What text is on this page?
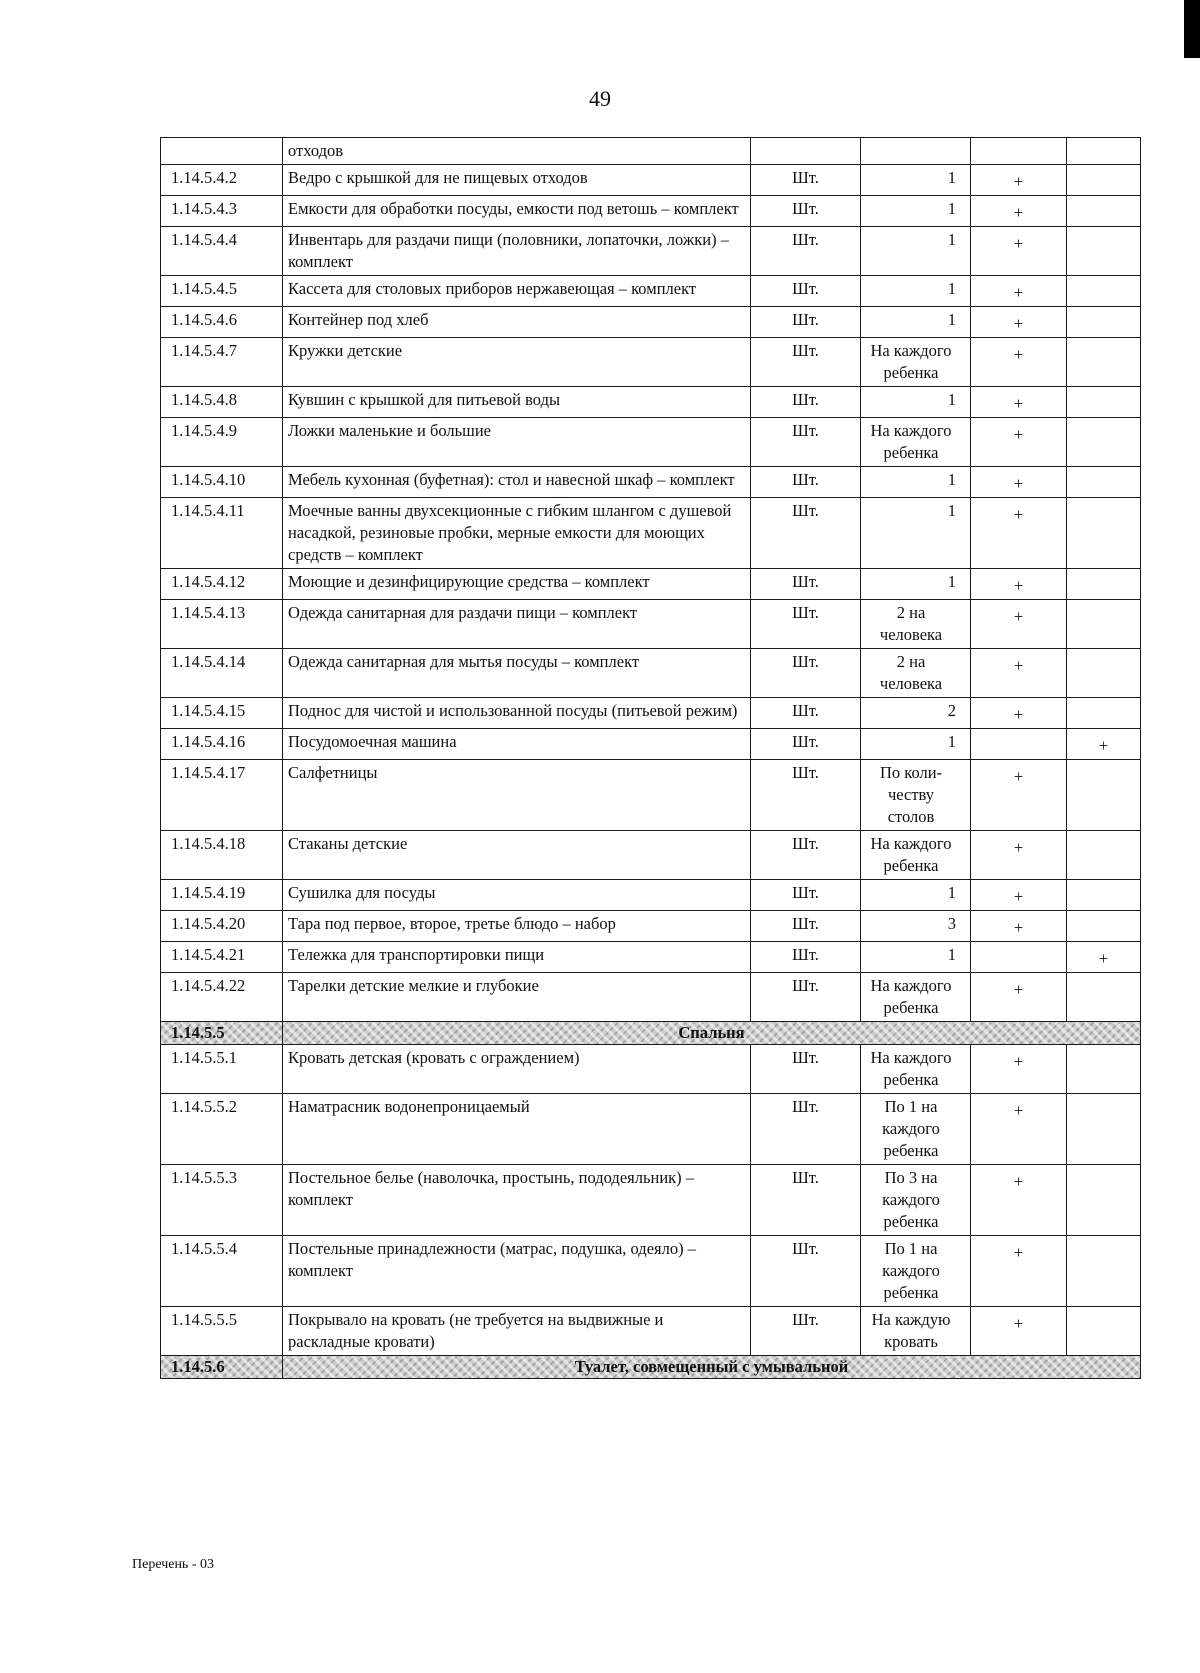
49
	отходов				
1.14.5.4.2	Ведро с крышкой для не пищевых отходов	Шт.	1	+	
1.14.5.4.3	Емкости для обработки посуды, емкости под ветошь – комплект	Шт.	1	+	
1.14.5.4.4	Инвентарь для раздачи пищи (половники, лопаточки, ложки) – комплект	Шт.	1	+	
1.14.5.4.5	Кассета для столовых приборов нержавеющая – комплект	Шт.	1	+	
1.14.5.4.6	Контейнер под хлеб	Шт.	1	+	
1.14.5.4.7	Кружки детские	Шт.	На каждого ребенка	+	
1.14.5.4.8	Кувшин с крышкой для питьевой воды	Шт.	1	+	
1.14.5.4.9	Ложки маленькие и большие	Шт.	На каждого ребенка	+	
1.14.5.4.10	Мебель кухонная (буфетная): стол и навесной шкаф – комплект	Шт.	1	+	
1.14.5.4.11	Моечные ванны двухсекционные с гибким шлангом с душевой насадкой, резиновые пробки, мерные емкости для моющих средств – комплект	Шт.	1	+	
1.14.5.4.12	Моющие и дезинфицирующие средства – комплект	Шт.	1	+	
1.14.5.4.13	Одежда санитарная для раздачи пищи – комплект	Шт.	2 на человека	+	
1.14.5.4.14	Одежда санитарная для мытья посуды – комплект	Шт.	2 на человека	+	
1.14.5.4.15	Поднос для чистой и использованной посуды (питьевой режим)	Шт.	2	+	
1.14.5.4.16	Посудомоечная машина	Шт.	1		+
1.14.5.4.17	Салфетницы	Шт.	По коли-честву столов	+	
1.14.5.4.18	Стаканы детские	Шт.	На каждого ребенка	+	
1.14.5.4.19	Сушилка для посуды	Шт.	1	+	
1.14.5.4.20	Тара под первое, второе, третье блюдо – набор	Шт.	3	+	
1.14.5.4.21	Тележка для транспортировки пищи	Шт.	1		+
1.14.5.4.22	Тарелки детские мелкие и глубокие	Шт.	На каждого ребенка	+	
1.14.5.5	Спальня				
1.14.5.5.1	Кровать детская (кровать с ограждением)	Шт.	На каждого ребенка	+	
1.14.5.5.2	Наматрасник водонепроницаемый	Шт.	По 1 на каждого ребенка	+	
1.14.5.5.3	Постельное белье (наволочка, простынь, пододеяльник) – комплект	Шт.	По 3 на каждого ребенка	+	
1.14.5.5.4	Постельные принадлежности (матрас, подушка, одеяло) – комплект	Шт.	По 1 на каждого ребенка	+	
1.14.5.5.5	Покрывало на кровать (не требуется на выдвижные и раскладные кровати)	Шт.	На каждую кровать	+	
1.14.5.6	Туалет, совмещенный с умывальной				
Перечень - 03
